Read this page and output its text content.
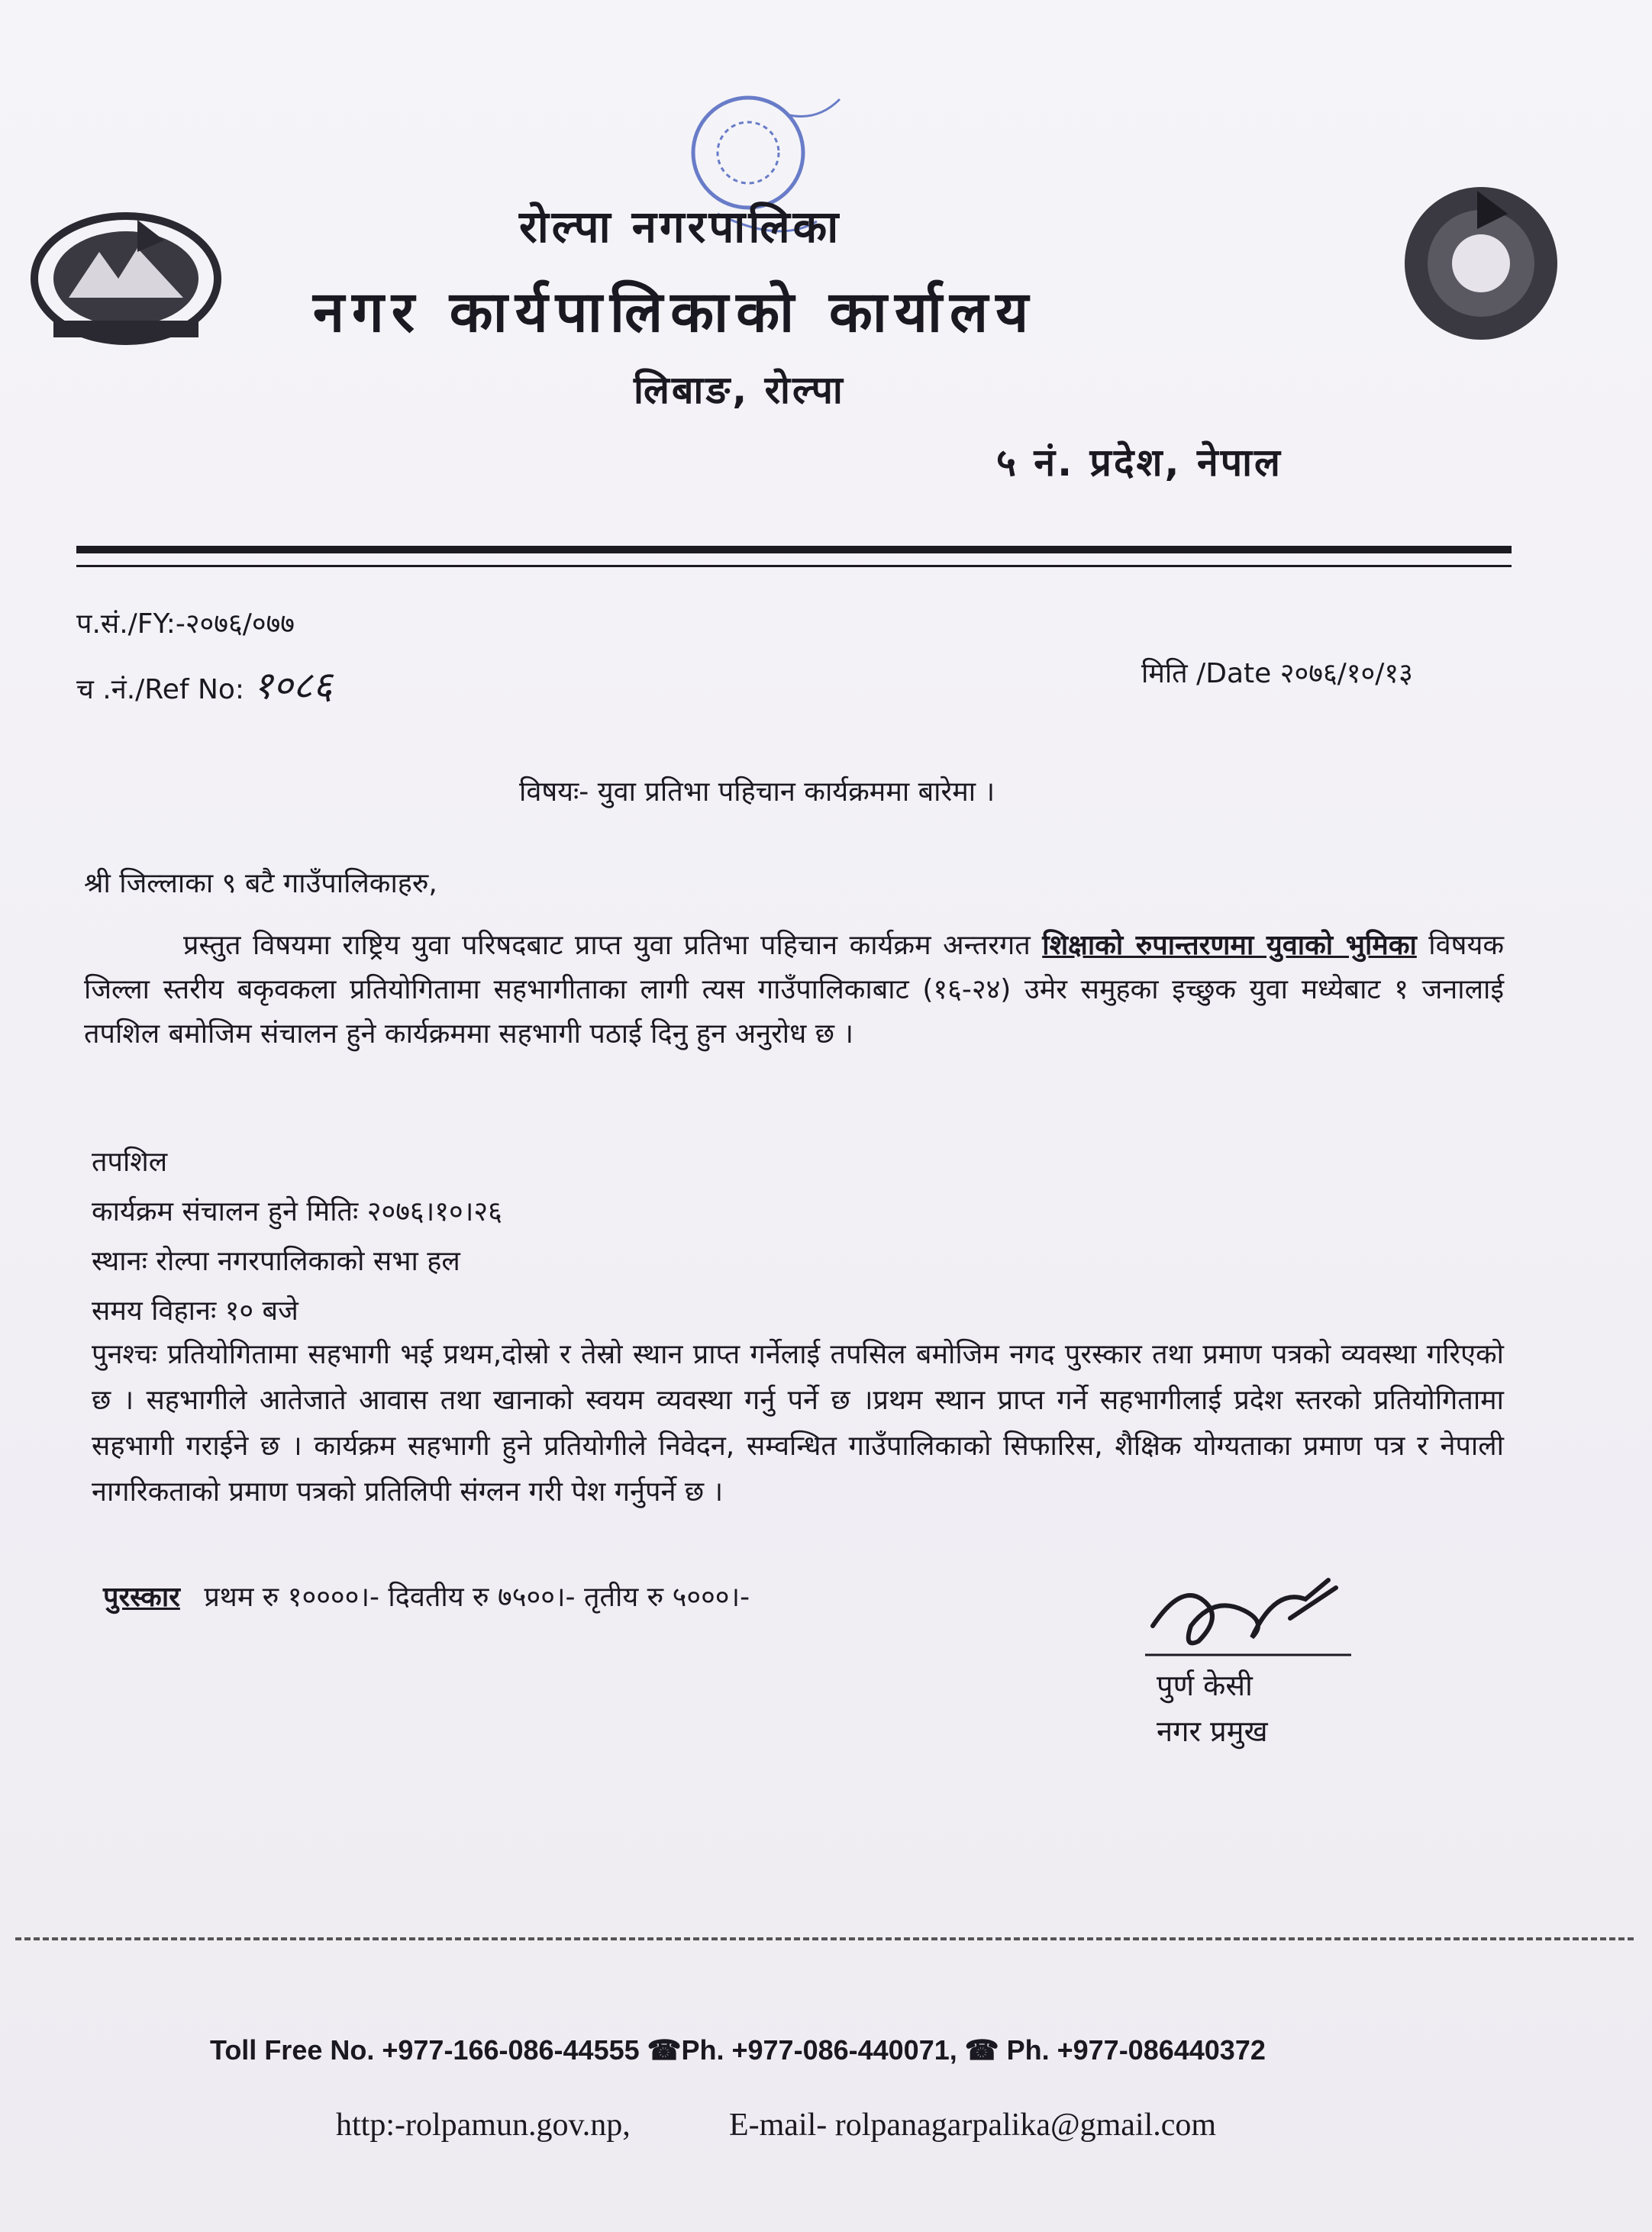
रोल्पा नगरपालिका
नगर कार्यपालिकाको कार्यालय
लिबाङ, रोल्पा
५ नं. प्रदेश, नेपाल
प.सं./FY:-२०७६/०७७
च .नं./Ref No: १०८६	मिति /Date २०७६/१०/१३
विषयः- युवा प्रतिभा पहिचान कार्यक्रममा बारेमा ।
श्री जिल्लाका ९ बटै गाउँपालिकाहरु,
प्रस्तुत विषयमा राष्ट्रिय युवा परिषदबाट प्राप्त युवा प्रतिभा पहिचान कार्यक्रम अन्तरगत शिक्षाको रुपान्तरणमा युवाको भुमिका विषयक जिल्ला स्तरीय बकृवकला प्रतियोगितामा सहभागीताका लागी त्यस गाउँपालिकाबाट (१६-२४) उमेर समुहका इच्छुक युवा मध्येबाट १ जनालाई तपशिल बमोजिम संचालन हुने कार्यक्रममा सहभागी पठाई दिनु हुन अनुरोध छ ।
तपशिल
कार्यक्रम संचालन हुने मितिः २०७६।१०।२६
स्थानः रोल्पा नगरपालिकाको सभा हल
समय विहानः १० बजे
पुनश्चः प्रतियोगितामा सहभागी भई प्रथम,दोस्रो र तेस्रो स्थान प्राप्त गर्नेलाई तपसिल बमोजिम नगद पुरस्कार तथा प्रमाण पत्रको व्यवस्था गरिएको छ । सहभागीले आतेजाते आवास तथा खानाको स्वयम व्यवस्था गर्नु पर्ने छ ।प्रथम स्थान प्राप्त गर्ने सहभागीलाई प्रदेश स्तरको प्रतियोगितामा सहभागी गराईने छ । कार्यक्रम सहभागी हुने प्रतियोगीले निवेदन, सम्वन्धित गाउँपालिकाको सिफारिस, शैक्षिक योग्यताका प्रमाण पत्र र नेपाली नागरिकताको प्रमाण पत्रको प्रतिलिपी संग्लन गरी पेश गर्नुपर्ने छ ।
पुरस्कार प्रथम रु १००००।- दिवतीय रु ७५००।- तृतीय रु ५०००।-
पुर्ण केसी
नगर प्रमुख
Toll Free No. +977-166-086-44555 ☎Ph. +977-086-440071, ☎ Ph. +977-086440372
http:-rolpamun.gov.np,	E-mail- rolpanagarpalika@gmail.com
